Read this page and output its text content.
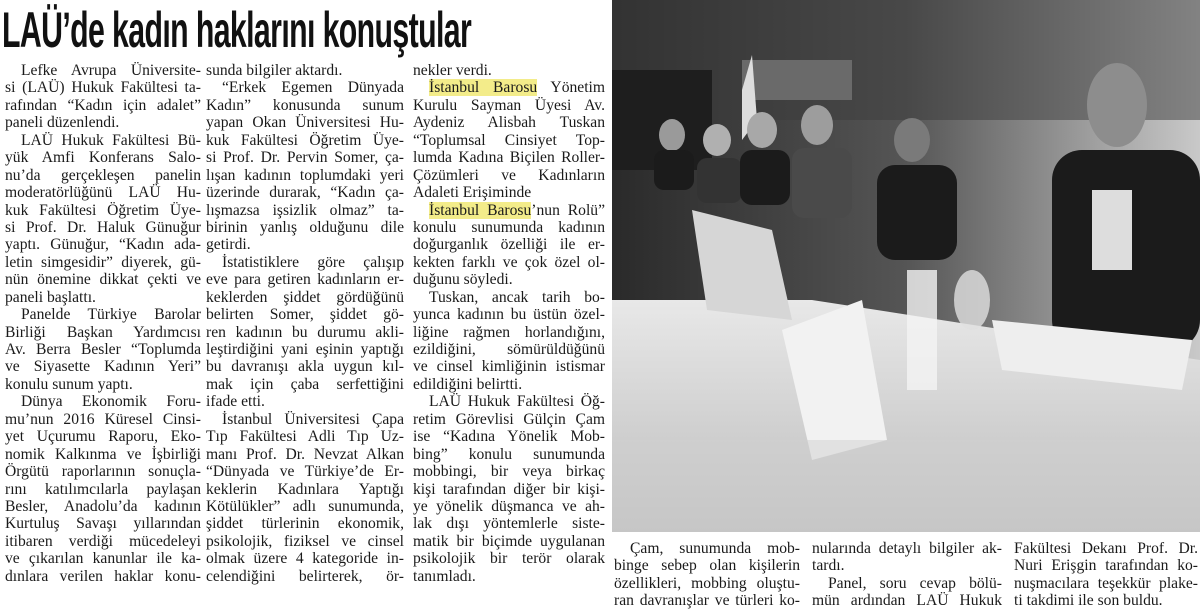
LAÜ’de kadın haklarını konuştular
Lefke Avrupa Üniversite-
si (LAÜ) Hukuk Fakültesi ta-
rafından “Kadın için adalet”
paneli düzenlendi.
LAÜ Hukuk Fakültesi Bü-
yük Amfi Konferans Salo-
nu’da gerçekleşen panelin
moderatörlüğünü LAÜ Hu-
kuk Fakültesi Öğretim Üye-
si Prof. Dr. Haluk Günuğur
yaptı. Günuğur, “Kadın ada-
letin simgesidir” diyerek, gü-
nün önemine dikkat çekti ve
paneli başlattı.
Panelde Türkiye Barolar
Birliği Başkan Yardımcısı
Av. Berra Besler “Toplumda
ve Siyasette Kadının Yeri”
konulu sunum yaptı.
Dünya Ekonomik Foru-
mu’nun 2016 Küresel Cinsi-
yet Uçurumu Raporu, Eko-
nomik Kalkınma ve İşbirliği
Örgütü raporlarının sonuçla-
rını katılımcılarla paylaşan
Besler, Anadolu’da kadının
Kurtuluş Savaşı yıllarından
itibaren verdiği mücedeleyi
ve çıkarılan kanunlar ile ka-
dınlara verilen haklar konu-
sunda bilgiler aktardı.
“Erkek Egemen Dünyada
Kadın” konusunda sunum
yapan Okan Üniversitesi Hu-
kuk Fakültesi Öğretim Üye-
si Prof. Dr. Pervin Somer, ça-
lışan kadının toplumdaki yeri
üzerinde durarak, “Kadın ça-
lışmazsa işsizlik olmaz” ta-
birinin yanlış olduğunu dile
getirdi.
İstatistiklere göre çalışıp
eve para getiren kadınların er-
keklerden şiddet gördüğünü
belirten Somer, şiddet gö-
ren kadının bu durumu akli-
leştirdiğini yani eşinin yaptığı
bu davranışı akla uygun kıl-
mak için çaba serfettiğini
ifade etti.
İstanbul Üniversitesi Çapa
Tıp Fakültesi Adli Tıp Uz-
manı Prof. Dr. Nevzat Alkan
“Dünyada ve Türkiye’de Er-
keklerin Kadınlara Yaptığı
Kötülükler” adlı sunumunda,
şiddet türlerinin ekonomik,
psikolojik, fiziksel ve cinsel
olmak üzere 4 kategoride in-
celendiğini belirterek, ör-
nekler verdi.
İstanbul Barosu Yönetim
Kurulu Sayman Üyesi Av.
Aydeniz Alisbah Tuskan
“Toplumsal Cinsiyet Top-
lumda Kadına Biçilen Roller-
Çözümleri ve Kadınların
Adaleti Erişiminde
İstanbul Barosu’nun Rolü”
konulu sunumunda kadının
doğurganlık özelliği ile er-
kekten farklı ve çok özel ol-
duğunu söyledi.
Tuskan, ancak tarih bo-
yunca kadının bu üstün özel-
liğine rağmen horlandığını,
ezildiğini, sömürüldüğünü
ve cinsel kimliğinin istismar
edildiğini belirtti.
LAÜ Hukuk Fakültesi Öğ-
retim Görevlisi Gülçin Çam
ise “Kadına Yönelik Mob-
bing” konulu sunumunda
mobbingi, bir veya birkaç
kişi tarafından diğer bir kişi-
ye yönelik düşmanca ve ah-
lak dışı yöntemlerle siste-
matik bir biçimde uygulanan
psikolojik bir terör olarak
tanımladı.
Çam, sunumunda mob-
binge sebep olan kişilerin
özellikleri, mobbing oluştu-
ran davranışlar ve türleri ko-
nularında detaylı bilgiler ak-
tardı.
Panel, soru cevap bölü-
mün ardından LAÜ Hukuk
Fakültesi Dekanı Prof. Dr.
Nuri Erişgin tarafından ko-
nuşmacılara teşekkür plake-
ti takdimi ile son buldu.
